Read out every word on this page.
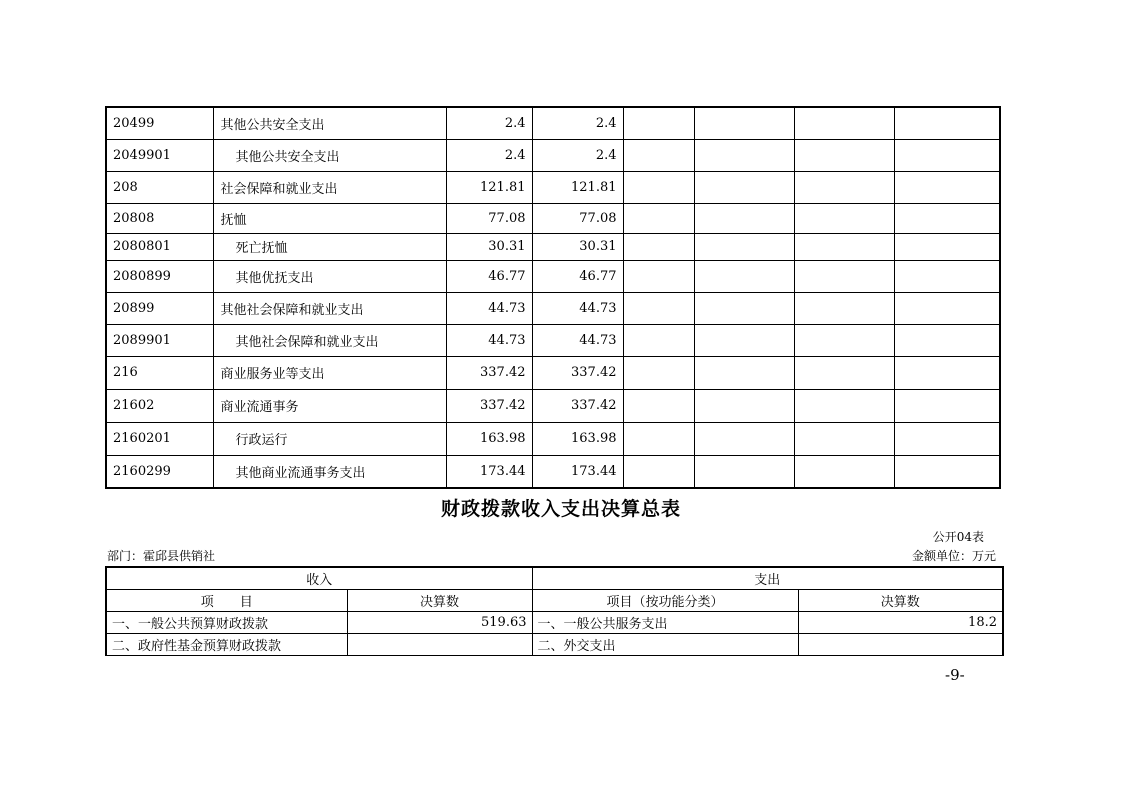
20499	其他公共安全支出	2.4	2.4				
2049901	其他公共安全支出	2.4	2.4				
208	社会保障和就业支出	121.81	121.81				
20808	抚恤	77.08	77.08				
2080801	死亡抚恤	30.31	30.31				
2080899	其他优抚支出	46.77	46.77				
20899	其他社会保障和就业支出	44.73	44.73				
2089901	其他社会保障和就业支出	44.73	44.73				
216	商业服务业等支出	337.42	337.42				
21602	商业流通事务	337.42	337.42				
2160201	行政运行	163.98	163.98				
2160299	其他商业流通事务支出	173.44	173.44				
财政拨款收入支出决算总表
公开04表
部门：霍邱县供销社	金额单位：万元
收入		支出	
项　　目	决算数	项目（按功能分类）	决算数
一、一般公共预算财政拨款	519.63	一、一般公共服务支出	18.2
二、政府性基金预算财政拨款		二、外交支出	
-9-
